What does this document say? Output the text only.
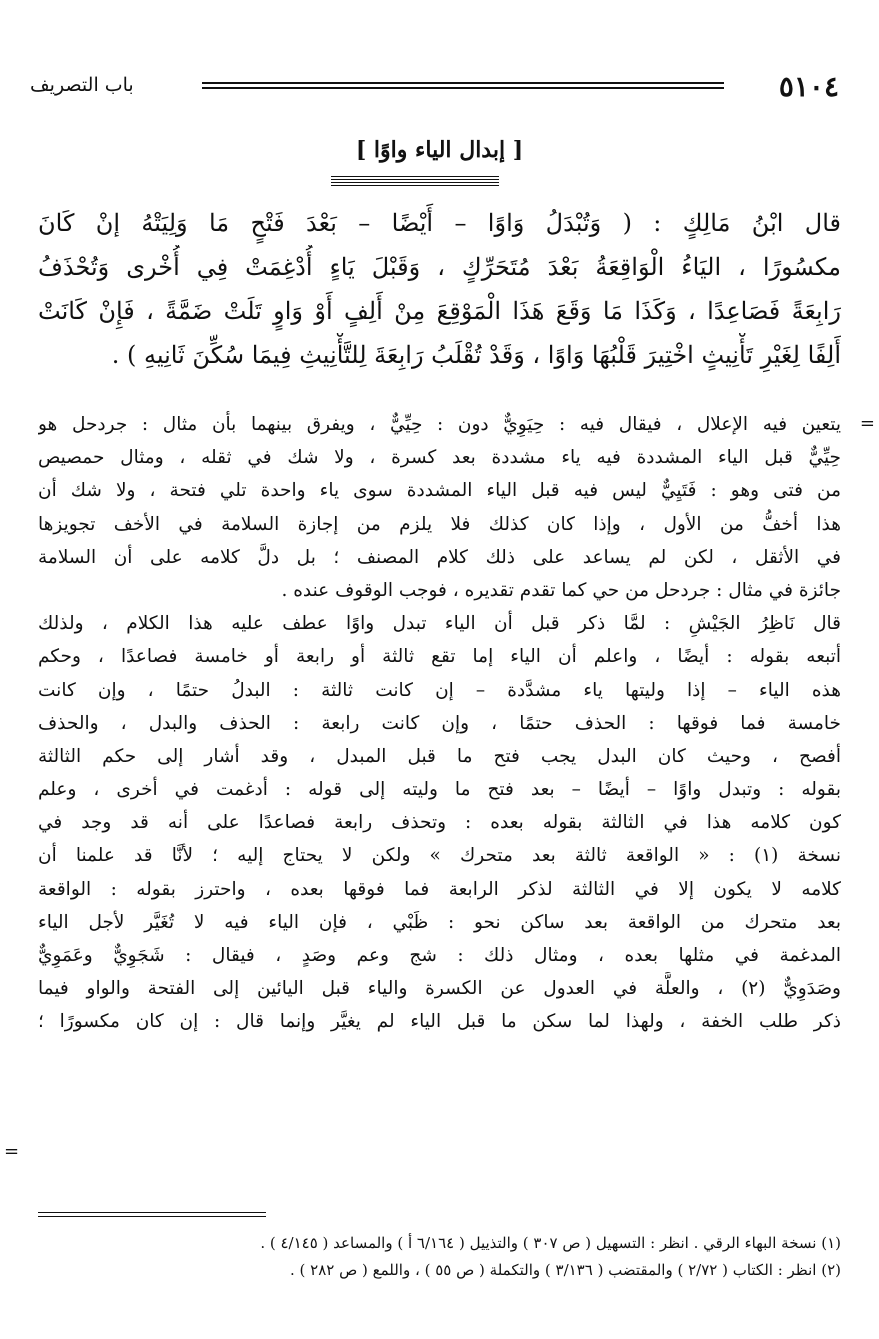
٥١٠٤
باب التصريف
[ إبدال الياء واوًا ]
قال ابْنُ مَالِكٍ : ( وَتُبْدَلُ وَاوًا – أَيْضًا – بَعْدَ فَتْحٍ مَا وَلِيَتْهُ إنْ كَانَ
مكسُورًا ، اليَاءُ الْوَاقِعَةُ بَعْدَ مُتَحَرِّكٍ ، وَقَبْلَ يَاءٍ أُدْغِمَتْ فِي أُخْرى وَتُحْذَفُ
رَابِعَةً فَصَاعِدًا ، وَكَذَا مَا وَقَعَ هَذَا الْمَوْقِعَ مِنْ أَلِفٍ أَوْ وَاوٍ تَلَتْ ضَمَّةً ، فَإِنْ كَانَتْ
أَلِفًا لِغَيْرِ تَأْنِيثٍ اخْتِيرَ قَلْبُهَا وَاوًا ، وَقَدْ تُقْلَبُ رَابِعَةَ لِلتَّأْنِيثِ فِيمَا سُكِّنَ ثَانِيهِ ) .
=
يتعين فيه الإعلال ، فيقال فيه : حِيَوِيٌّ دون : حِيِّيٌّ ، ويفرق بينهما بأن مثال : جردحل هو
حِيِّيٌّ قبل الياء المشددة فيه ياء مشددة بعد كسرة ، ولا شك في ثقله ، ومثال حمصيص
من فتى وهو : فَتَيِيٌّ ليس فيه قبل الياء المشددة سوى ياء واحدة تلي فتحة ، ولا شك أن
هذا أخفُّ من الأول ، وإذا كان كذلك فلا يلزم من إجازة السلامة في الأخف تجويزها
في الأثقل ، لكن لم يساعد على ذلك كلام المصنف ؛ بل دلَّ كلامه على أن السلامة
جائزة في مثال : جردحل من حي كما تقدم تقديره ، فوجب الوقوف عنده .
قال نَاظِرُ الجَيْشِ : لمَّا ذكر قبل أن الياء تبدل واوًا عطف عليه هذا الكلام ، ولذلك
أتبعه بقوله : أيضًا ، واعلم أن الياء إما تقع ثالثة أو رابعة أو خامسة فصاعدًا ، وحكم
هذه الياء – إذا وليتها ياء مشدَّدة – إن كانت ثالثة : البدلُ حتمًا ، وإن كانت
خامسة فما فوقها : الحذف حتمًا ، وإن كانت رابعة : الحذف والبدل ، والحذف
أفصح ، وحيث كان البدل يجب فتح ما قبل المبدل ، وقد أشار إلى حكم الثالثة
بقوله : وتبدل واوًا – أيضًا – بعد فتح ما وليته إلى قوله : أدغمت في أخرى ، وعلم
كون كلامه هذا في الثالثة بقوله بعده : وتحذف رابعة فصاعدًا على أنه قد وجد في
نسخة (١) : « الواقعة ثالثة بعد متحرك » ولكن لا يحتاج إليه ؛ لأنَّا قد علمنا أن
كلامه لا يكون إلا في الثالثة لذكر الرابعة فما فوقها بعده ، واحترز بقوله : الواقعة
بعد متحرك من الواقعة بعد ساكن نحو : ظَبْي ، فإن الياء فيه لا تُغَيَّر لأجل الياء
المدغمة في مثلها بعده ، ومثال ذلك : شج وعم وصَدٍ ، فيقال : شَجَوِيٌّ وعَمَوِيٌّ
وصَدَوِيٌّ (٢) ، والعلَّة في العدول عن الكسرة والياء قبل اليائين إلى الفتحة والواو فيما
ذكر طلب الخفة ، ولهذا لما سكن ما قبل الياء لم يغيَّر وإنما قال : إن كان مكسورًا ؛
=
(١) نسخة البهاء الرقي . انظر : التسهيل ( ص ٣٠٧ ) والتذييل ( ٦/١٦٤ أ ) والمساعد ( ٤/١٤٥ ) .
(٢) انظر : الكتاب ( ٢/٧٢ ) والمقتضب ( ٣/١٣٦ ) والتكملة ( ص ٥٥ ) ، واللمع ( ص ٢٨٢ ) .
